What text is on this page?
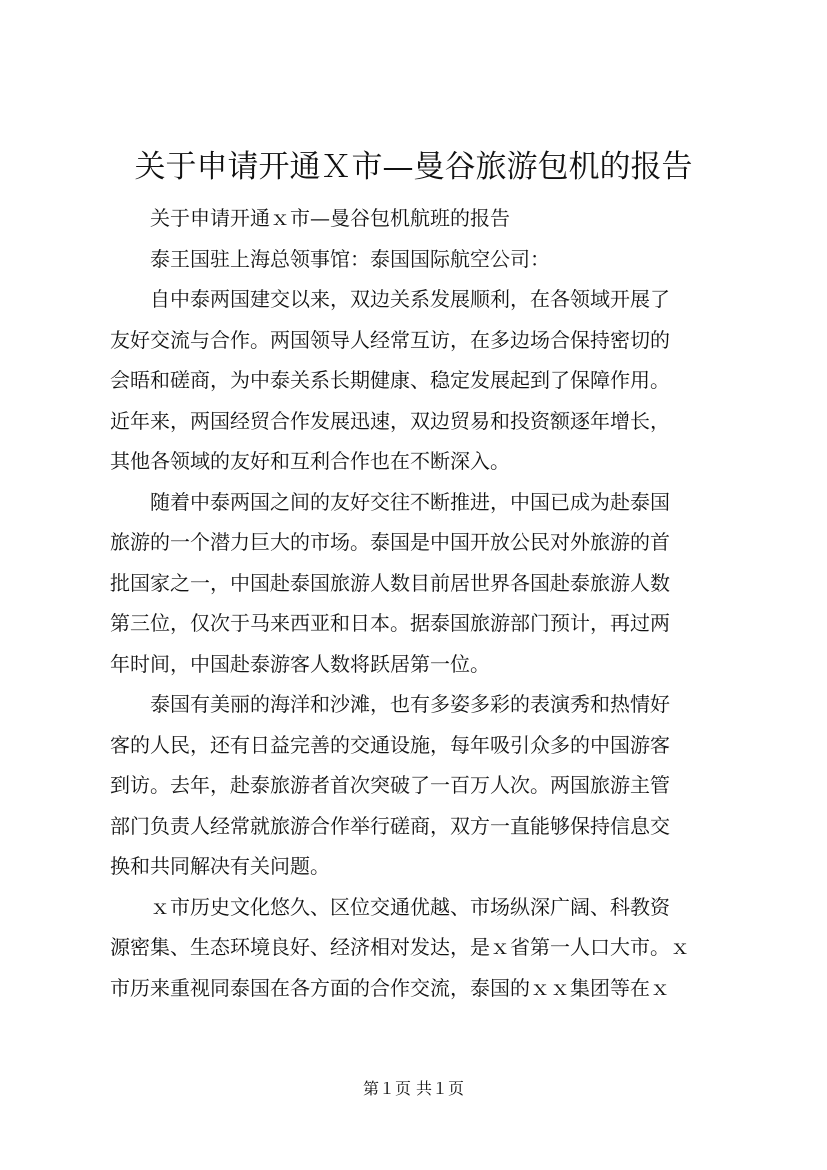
关于申请开通Ｘ市—曼谷旅游包机的报告
关于申请开通ｘ市—曼谷包机航班的报告
泰王国驻上海总领事馆：泰国国际航空公司：
自中泰两国建交以来，双边关系发展顺利，在各领域开展了
友好交流与合作。两国领导人经常互访，在多边场合保持密切的
会晤和磋商，为中泰关系长期健康、稳定发展起到了保障作用。
近年来，两国经贸合作发展迅速，双边贸易和投资额逐年增长，
其他各领域的友好和互利合作也在不断深入。
随着中泰两国之间的友好交往不断推进，中国已成为赴泰国
旅游的一个潜力巨大的市场。泰国是中国开放公民对外旅游的首
批国家之一，中国赴泰国旅游人数目前居世界各国赴泰旅游人数
第三位，仅次于马来西亚和日本。据泰国旅游部门预计，再过两
年时间，中国赴泰游客人数将跃居第一位。
泰国有美丽的海洋和沙滩，也有多姿多彩的表演秀和热情好
客的人民，还有日益完善的交通设施，每年吸引众多的中国游客
到访。去年，赴泰旅游者首次突破了一百万人次。两国旅游主管
部门负责人经常就旅游合作举行磋商，双方一直能够保持信息交
换和共同解决有关问题。
ｘ市历史文化悠久、区位交通优越、市场纵深广阔、科教资
源密集、生态环境良好、经济相对发达，是ｘ省第一人口大市。ｘ
市历来重视同泰国在各方面的合作交流，泰国的ｘｘ集团等在ｘ
第１页 共１页
